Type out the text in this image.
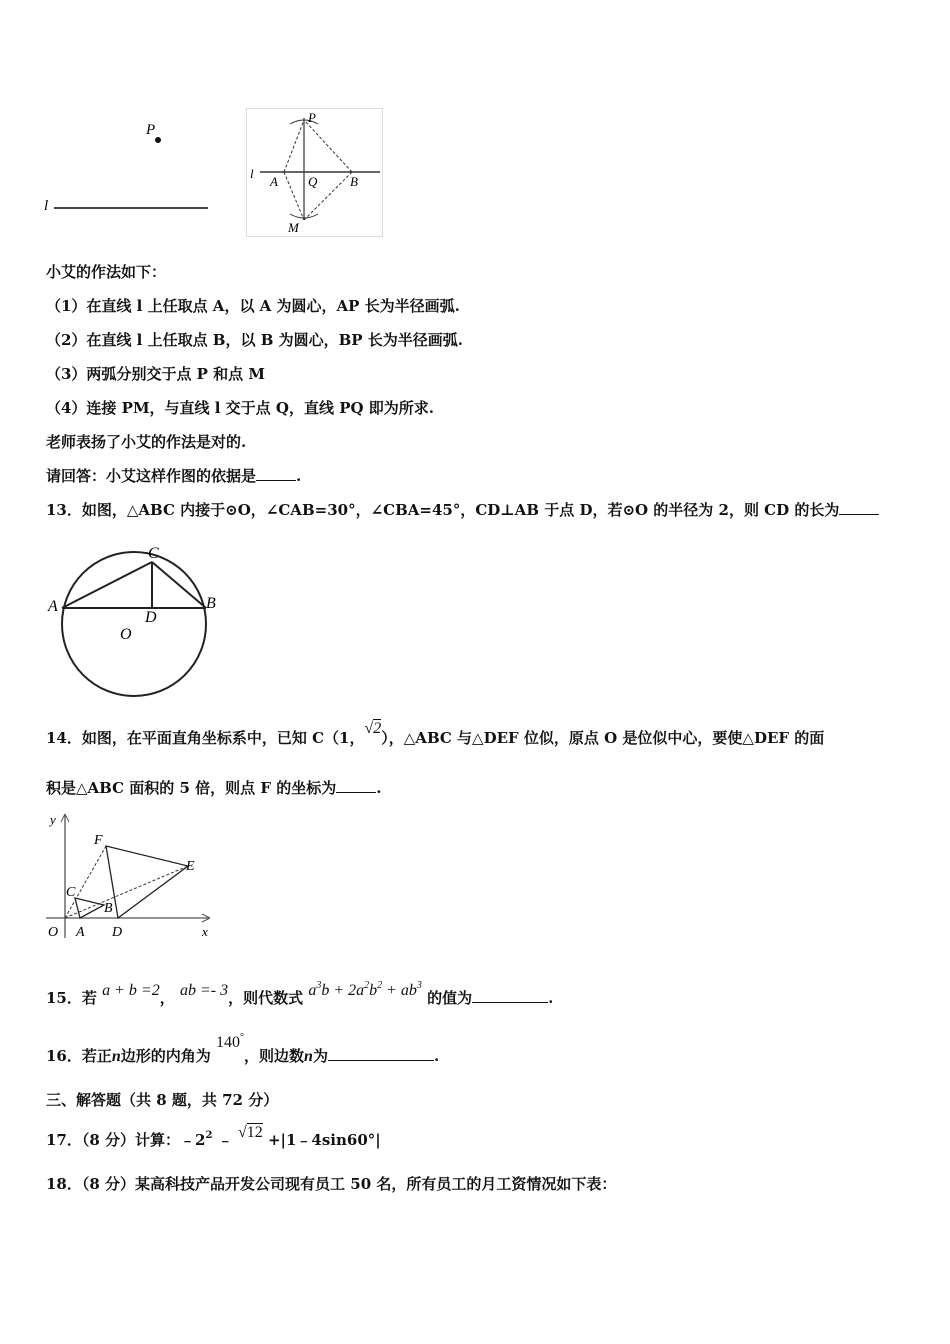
P
l
l
P
A Q	B
M
小艾的作法如下：
（1）在直线 l 上任取点 A，以 A 为圆心，AP 长为半径画弧.
（2）在直线 l 上任取点 B，以 B 为圆心，BP 长为半径画弧.
（3）两弧分别交于点 P 和点 M
（4）连接 PM，与直线 l 交于点 Q，直线 PQ 即为所求.
老师表扬了小艾的作法是对的.
请回答：小艾这样作图的依据是	.
13．如图，△ABC 内接于⊙O，∠CAB=30°，∠CBA=45°，CD⊥AB 于点 D，若⊙O 的半径为 2，则 CD 的长为
C
A	B
D
O
14．如图，在平面直角坐标系中，已知 C（1，√2），△ABC 与△DEF 位似，原点 O 是位似中心，要使△DEF 的面
积是△ABC 面积的 5 倍，则点 F 的坐标为	.
y
x
O A D
C
B
F
E
15．若 a + b =2， ab =- 3，则代数式 $a^3b + 2a^2b^2 + ab^3$ 的值为	.
16．若正n边形的内角为 140°，则边数n为	.
三、解答题（共 8 题，共 72 分）
17．（8 分）计算：$﹣2^2$ ﹣ √12 +|1﹣4sin60°|
18．（8 分）某高科技产品开发公司现有员工 50 名，所有员工的月工资情况如下表：
